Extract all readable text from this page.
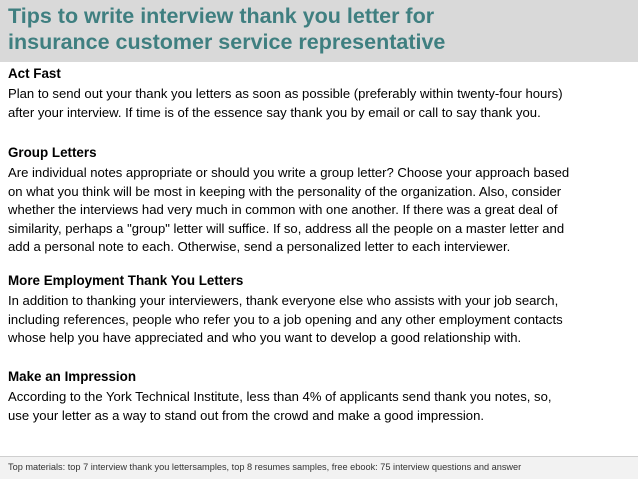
Tips to write interview thank you letter for
insurance customer service representative
Act Fast

Plan to send out your thank you letters as soon as possible (preferably within twenty-four hours)
after your interview. If time is of the essence say thank you by email or call to say thank you.

Group Letters

Are individual notes appropriate or should you write a group letter? Choose your approach based
on what you think will be most in keeping with the personality of the organization. Also, consider
whether the interviews had very much in common with one another. If there was a great deal of
similarity, perhaps a "group" letter will suffice. If so, address all the people on a master letter and
add a personal note to each. Otherwise, send a personalized letter to each interviewer.

More Employment Thank You Letters

In addition to thanking your interviewers, thank everyone else who assists with your job search,
including references, people who refer you to a job opening and any other employment contacts
whose help you have appreciated and who you want to develop a good relationship with.

Make an Impression

According to the York Technical Institute, less than 4% of applicants send thank you notes, so,
use your letter as a way to stand out from the crowd and make a good impression.

Top materials: top 7 interview thank you lettersamples, top 8 resumes samples, free ebook: 75 interview questions and answer
